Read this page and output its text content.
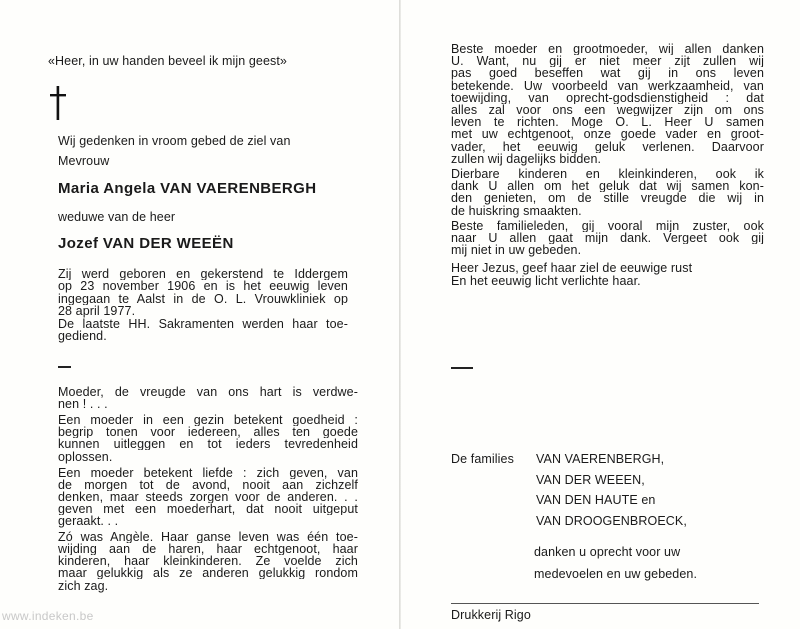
«Heer, in uw handen beveel ik mijn geest»
Wij gedenken in vroom gebed de ziel van
Mevrouw
Maria Angela VAN VAERENBERGH
weduwe van de heer
Jozef VAN DER WEEËN
Zij werd geboren en gekerstend te Iddergem
op 23 november 1906 en is het eeuwig leven
ingegaan te Aalst in de O. L. Vrouwkliniek op
28 april 1977.
De laatste HH. Sakramenten werden haar toe-
gediend.
Moeder, de vreugde van ons hart is verdwe-
nen ! . . .
Een moeder in een gezin betekent goedheid :
begrip tonen voor iedereen, alles ten goede
kunnen uitleggen en tot ieders tevredenheid
oplossen.
Een moeder betekent liefde : zich geven, van
de morgen tot de avond, nooit aan zichzelf
denken, maar steeds zorgen voor de anderen. . .
geven met een moederhart, dat nooit uitgeput
geraakt. . .
Zó was Angèle. Haar ganse leven was één toe-
wijding aan de haren, haar echtgenoot, haar
kinderen, haar kleinkinderen. Ze voelde zich
maar gelukkig als ze anderen gelukkig rondom
zich zag.
www.indeken.be
Beste moeder en grootmoeder, wij allen danken
U. Want, nu gij er niet meer zijt zullen wij
pas goed beseffen wat gij in ons leven
betekende. Uw voorbeeld van werkzaamheid, van
toewijding, van oprecht-godsdienstigheid : dat
alles zal voor ons een wegwijzer zijn om ons
leven te richten. Moge O. L. Heer U samen
met uw echtgenoot, onze goede vader en groot-
vader, het eeuwig geluk verlenen. Daarvoor
zullen wij dagelijks bidden.
Dierbare kinderen en kleinkinderen, ook ik
dank U allen om het geluk dat wij samen kon-
den genieten, om de stille vreugde die wij in
de huiskring smaakten.
Beste familieleden, gij vooral mijn zuster, ook
naar U allen gaat mijn dank. Vergeet ook gij
mij niet in uw gebeden.
Heer Jezus, geef haar ziel de eeuwige rust
En het eeuwig licht verlichte haar.
De families VAN VAERENBERGH,
VAN DER WEEEN,
VAN DEN HAUTE en
VAN DROOGENBROECK,
danken u oprecht voor uw
medevoelen en uw gebeden.
Drukkerij Rigo
